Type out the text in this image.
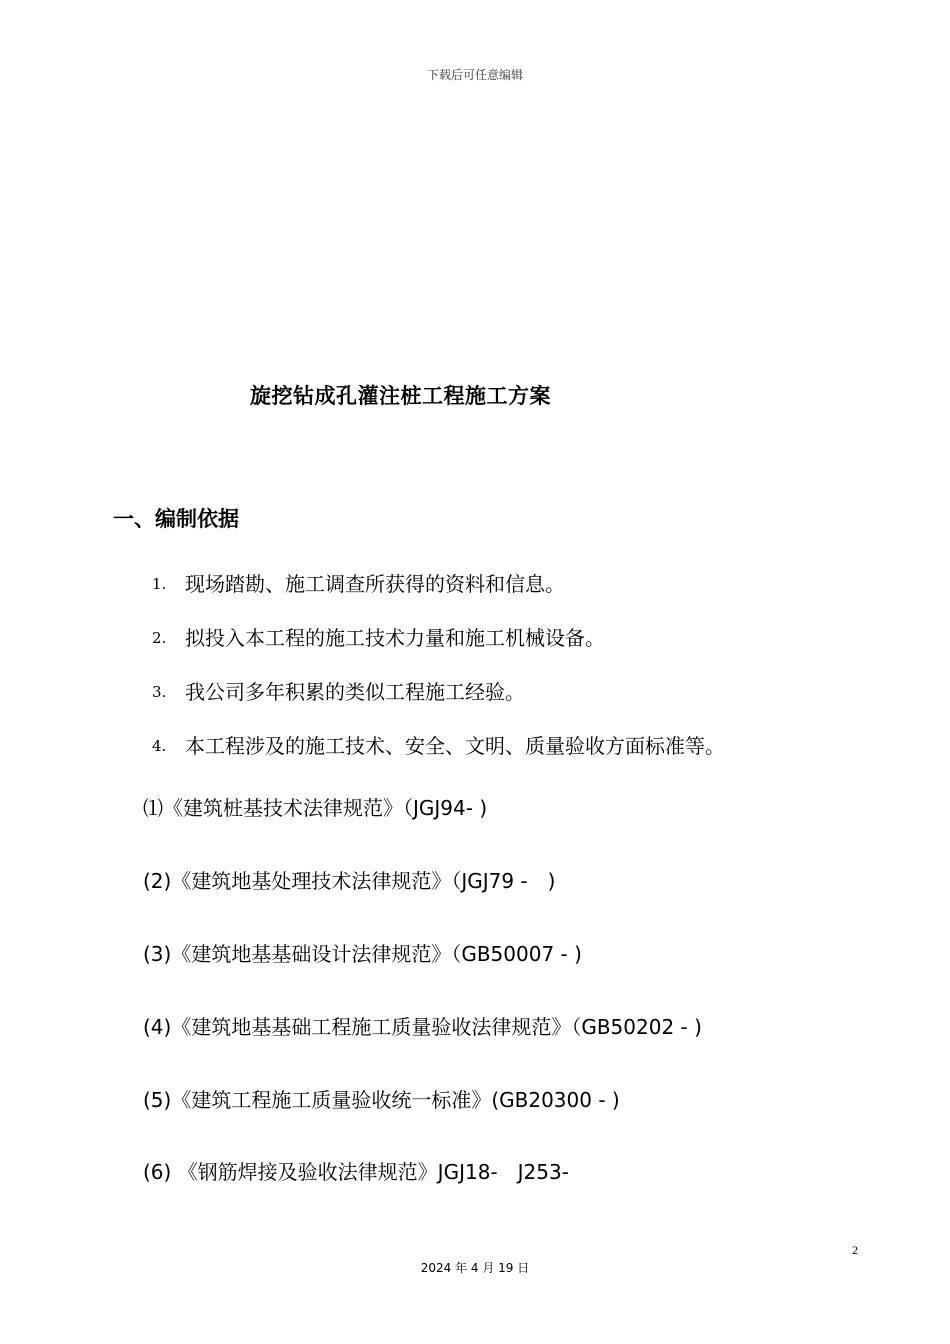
下载后可任意编辑
旋挖钻成孔灌注桩工程施工方案
一、编制依据
1. 现场踏勘、施工调查所获得的资料和信息。
2. 拟投入本工程的施工技术力量和施工机械设备。
3. 我公司多年积累的类似工程施工经验。
4. 本工程涉及的施工技术、安全、文明、质量验收方面标准等。
⑴《建筑桩基技术法律规范》（JGJ94- )
(2)《建筑地基处理技术法律规范》（JGJ79 -　)
(3)《建筑地基基础设计法律规范》（GB50007 - )
(4)《建筑地基基础工程施工质量验收法律规范》（GB50202 - )
(5)《建筑工程施工质量验收统一标准》(GB20300 - )
(6) 《钢筋焊接及验收法律规范》JGJ18-　J253-
2
2024 年 4 月 19 日
